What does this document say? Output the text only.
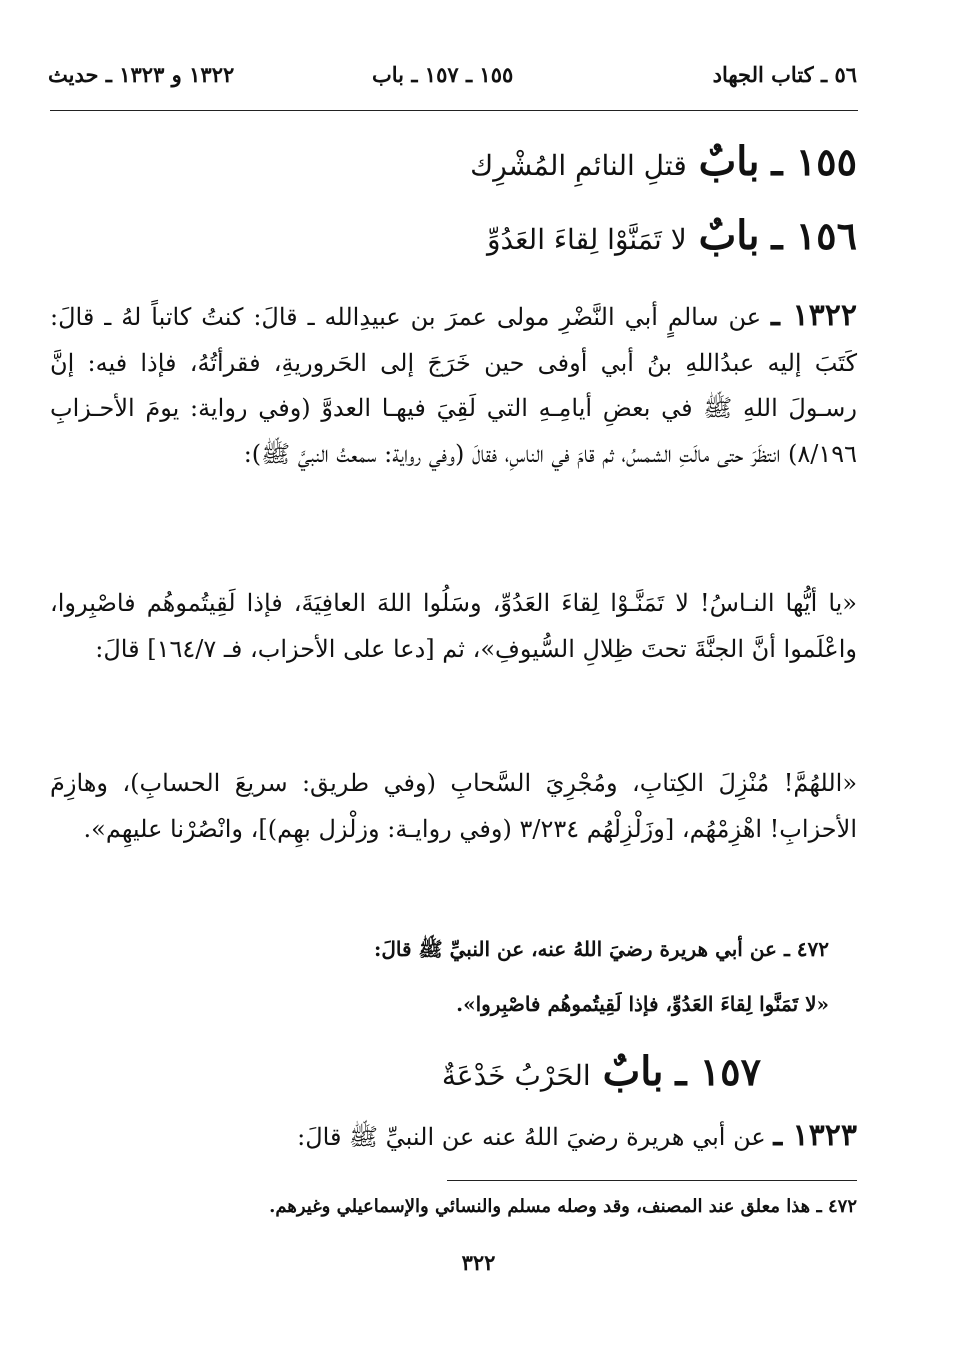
٥٦ ـ كتاب الجهاد
١٥٥ ـ ١٥٧ ـ باب
١٣٢٢ و ١٣٢٣ ـ حديث
١٥٥ ـ بابٌ قتلِ النائمِ المُشْرِك
١٥٦ ـ بابٌ لا تَمَنَّوْا لِقاءَ العَدُوِّ
١٣٢٢ ـ عن سالمٍ أبي النَّضْرِ مولى عمرَ بن عبيدِالله ـ قالَ: كنتُ كاتباً لهُ ـ قالَ: كَتَبَ إليه عبدُاللهِ بنُ أبي أوفى حين خَرَجَ إلى الحَروريةِ، فقرأتُهُ، فإذا فيه: إنَّ رسـولَ اللهِ ﷺ في بعضِ أيامِـهِ التي لَقِيَ فيهـا العدوَّ (وفي رواية: يومَ الأحـزابِ ٨/١٩٦) انتظَرَ حتى مالَتِ الشمسُ، ثم قامَ في الناسِ، فقالَ (وفي رواية: سمعتُ النبيَّ ﷺ):
«يا أيُّها النـاسُ! لا تَمَنَّـوْا لِقاءَ العَدُوِّ، وسَلُوا اللهَ العافِيَةَ، فإذا لَقِيتُموهُم فاصْبِروا، واعْلَموا أنَّ الجنَّةَ تحتَ ظِلالِ السُّيوفِ»، ثم [دعا على الأحزاب، فـ ١٦٤/٧] قالَ:
«اللهُمَّ! مُنْزِلَ الكِتابِ، ومُجْرِيَ السَّحابِ (وفي طريق: سريعَ الحسابِ)، وهازِمَ الأحزابِ! اهْزِمْهُم، [وزَلْزِلْهُم ٣/٢٣٤ (وفي روايـة: وزلْزل بهِم)]، وانْصُرْنا عليهِم».
٤٧٢ ـ عن أبي هريرة رضيَ اللهُ عنه، عن النبيِّ ﷺ قالَ:
«لا تَمَنَّوا لِقاءَ العَدُوِّ، فإذا لَقِيتُموهُم فاصْبِروا».
١٥٧ ـ بابٌ الحَرْبُ خَدْعَةٌ
١٣٢٣ ـ عن أبي هريرة رضيَ اللهُ عنه عن النبيِّ ﷺ قالَ:
٤٧٢ ـ هذا معلق عند المصنف، وقد وصله مسلم والنسائي والإسماعيلي وغيرهم.
٣٢٢
